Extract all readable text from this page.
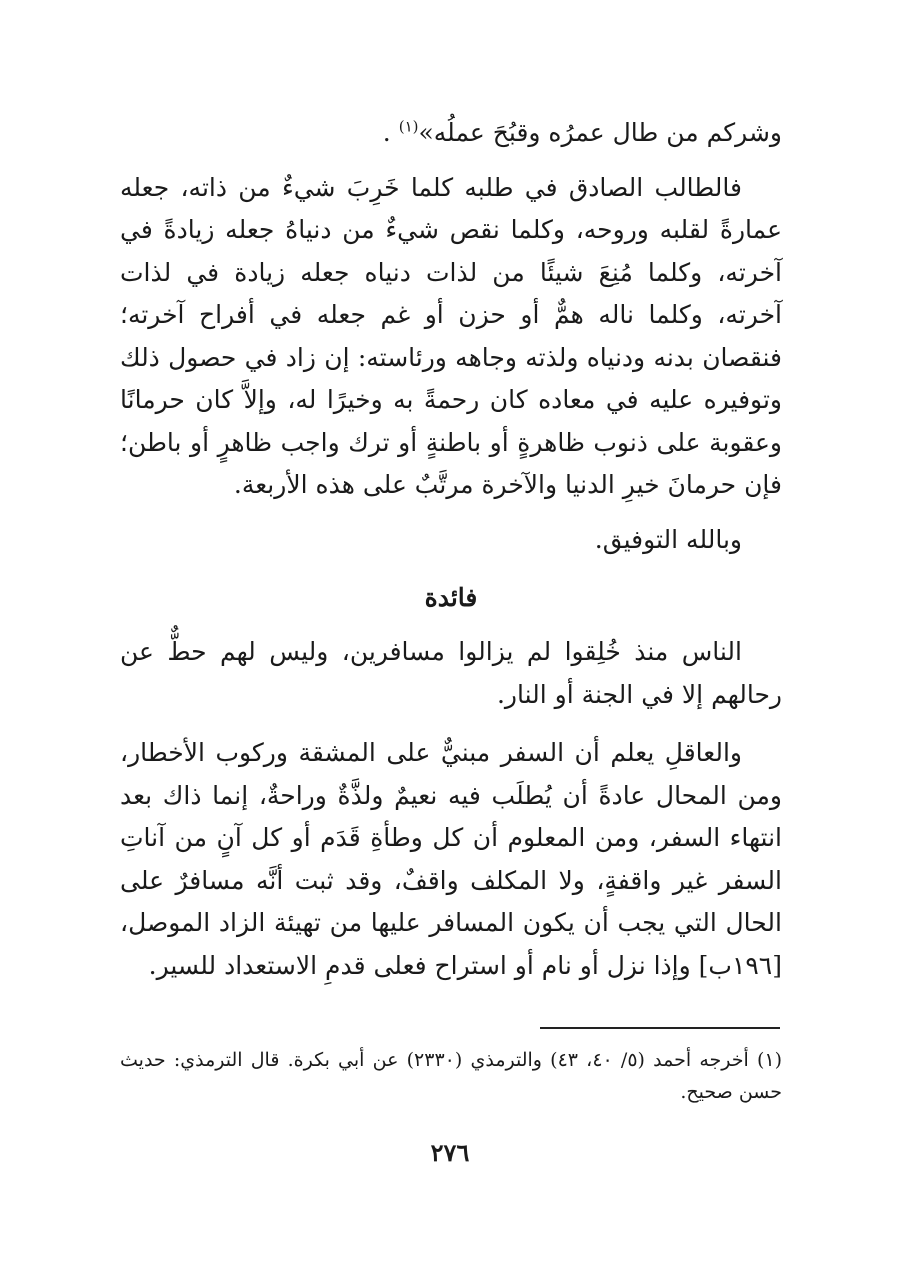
وشركم من طال عمرُه وقبُحَ عملُه»$^{(١)}$ .

فالطالب الصادق في طلبه كلما خَرِبَ شيءٌ من ذاته، جعله عمارةً لقلبه وروحه، وكلما نقص شيءٌ من دنياهُ جعله زيادةً في آخرته، وكلما مُنِعَ شيئًا من لذات دنياه جعله زيادة في لذات آخرته، وكلما ناله همٌّ أو حزن أو غم جعله في أفراح آخرته؛ فنقصان بدنه ودنياه ولذته وجاهه ورئاسته: إن زاد في حصول ذلك وتوفيره عليه في معاده كان رحمةً به وخيرًا له، وإلاَّ كان حرمانًا وعقوبة على ذنوب ظاهرةٍ أو باطنةٍ أو ترك واجب ظاهرٍ أو باطن؛ فإن حرمانَ خيرِ الدنيا والآخرة مرتَّبٌ على هذه الأربعة.

وبالله التوفيق.

فائدة

الناس منذ خُلِقوا لم يزالوا مسافرين، وليس لهم حطٌّ عن رحالهم إلا في الجنة أو النار.

والعاقلِ يعلم أن السفر مبنيٌّ على المشقة وركوب الأخطار، ومن المحال عادةً أن يُطلَب فيه نعيمٌ ولذَّةٌ وراحةٌ، إنما ذاك بعد انتهاء السفر، ومن المعلوم أن كل وطأةِ قَدَم أو كل آنٍ من آناتِ السفر غير واقفةٍ، ولا المكلف واقفٌ، وقد ثبت أنَّه مسافرٌ على الحال التي يجب أن يكون المسافر عليها من تهيئة الزاد الموصل، [١٩٦ب] وإذا نزل أو نام أو استراح فعلى قدمِ الاستعداد للسير.

(١) أخرجه أحمد (٥/ ٤٠، ٤٣) والترمذي (٢٣٣٠) عن أبي بكرة. قال الترمذي: حديث حسن صحيح.

٢٧٦
